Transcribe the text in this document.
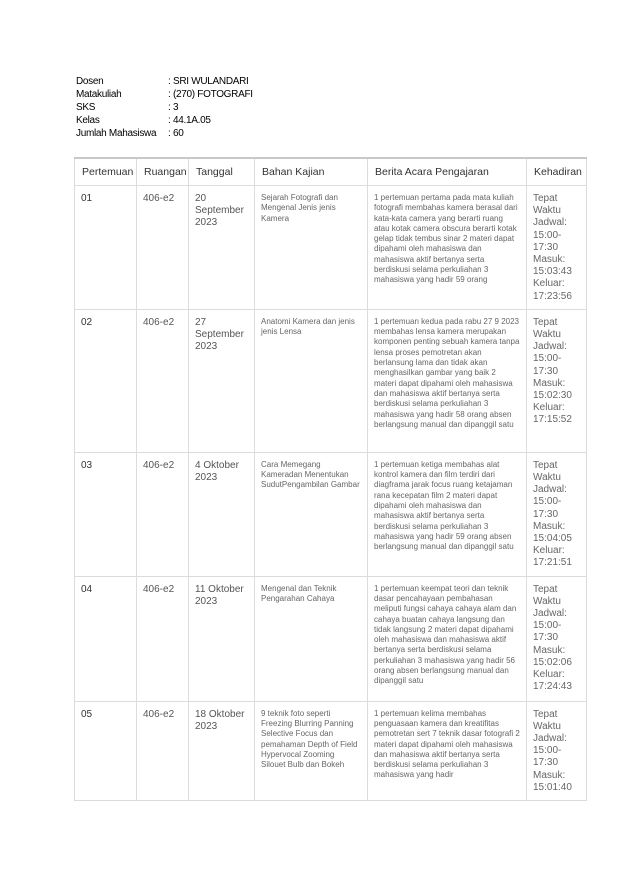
Dosen	: SRI WULANDARI
Matakuliah	: (270) FOTOGRAFI
SKS	: 3
Kelas	: 44.1A.05
Jumlah Mahasiswa	: 60
Pertemuan	Ruangan	Tanggal	Bahan Kajian	Berita Acara Pengajaran	Kehadiran
01	406-e2	20 September 2023	Sejarah Fotografi dan Mengenal Jenis jenis Kamera	1 pertemuan pertama pada mata kuliah fotografi membahas kamera berasal dari kata-kata camera yang berarti ruang atau kotak camera obscura berarti kotak gelap tidak tembus sinar 2 materi dapat dipahami oleh mahasiswa dan mahasiswa aktif bertanya serta berdiskusi selama perkuliahan 3 mahasiswa yang hadir 59 orang	Tepat Waktu Jadwal: 15:00-17:30 Masuk: 15:03:43 Keluar: 17:23:56
02	406-e2	27 September 2023	Anatomi Kamera dan jenis jenis Lensa	1 pertemuan kedua pada rabu 27 9 2023 membahas lensa kamera merupakan komponen penting sebuah kamera tanpa lensa proses pemotretan akan berlansung lama dan tidak akan menghasilkan gambar yang baik 2 materi dapat dipahami oleh mahasiswa dan mahasiswa aktif bertanya serta berdiskusi selama perkuliahan 3 mahasiswa yang hadir 58 orang absen berlangsung manual dan dipanggil satu	Tepat Waktu Jadwal: 15:00-17:30 Masuk: 15:02:30 Keluar: 17:15:52
03	406-e2	4 Oktober 2023	Cara Memegang Kameradan Menentukan SudutPengambilan Gambar	1 pertemuan ketiga membahas alat kontrol kamera dan film terdiri dari diagframa jarak focus ruang ketajaman rana kecepatan film 2 materi dapat dipahami oleh mahasiswa dan mahasiswa aktif bertanya serta berdiskusi selama perkuliahan 3 mahasiswa yang hadir 59 orang absen berlangsung manual dan dipanggil satu	Tepat Waktu Jadwal: 15:00-17:30 Masuk: 15:04:05 Keluar: 17:21:51
04	406-e2	11 Oktober 2023	Mengenal dan Teknik Pengarahan Cahaya	1 pertemuan keempat teori dan teknik dasar pencahayaan pembahasan meliputi fungsi cahaya cahaya alam dan cahaya buatan cahaya langsung dan tidak langsung 2 materi dapat dipahami oleh mahasiswa dan mahasiswa aktif bertanya serta berdiskusi selama perkuliahan 3 mahasiswa yang hadir 56 orang absen berlangsung manual dan dipanggil satu	Tepat Waktu Jadwal: 15:00-17:30 Masuk: 15:02:06 Keluar: 17:24:43
05	406-e2	18 Oktober 2023	9 teknik foto seperti Freezing Blurring Panning Selective Focus dan pemahaman Depth of Field Hypervocal Zooming Silouet Bulb dan Bokeh	1 pertemuan kelima membahas penguasaan kamera dan kreatifitas pemotretan sert 7 teknik dasar fotografi 2 materi dapat dipahami oleh mahasiswa dan mahasiswa aktif bertanya serta berdiskusi selama perkuliahan 3 mahasiswa yang hadir	Tepat Waktu Jadwal: 15:00-17:30 Masuk: 15:01:40
